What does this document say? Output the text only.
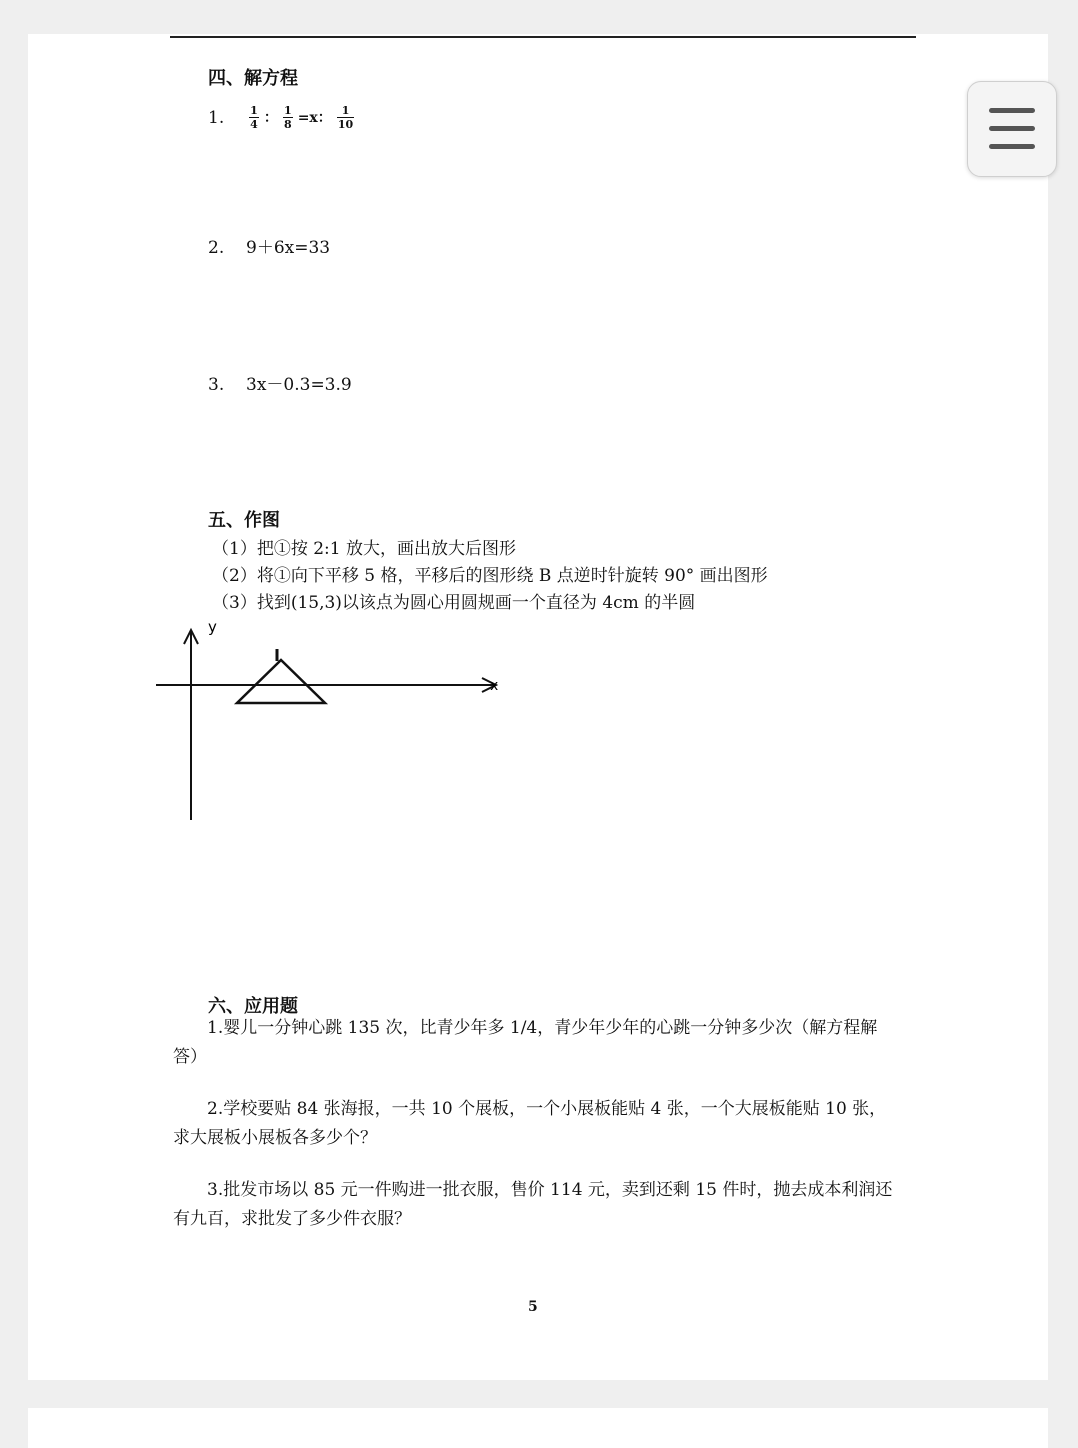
四、解方程
1. $\frac{1}{4}$ ： $\frac{1}{8} =x$： $\frac{1}{10}$
2. 9＋6x=33
3. 3x－0.3=3.9
五、作图
（1）把①按 2:1 放大，画出放大后图形
（2）将①向下平移 5 格，平移后的图形绕 B 点逆时针旋转 90° 画出图形
（3）找到(15,3)以该点为圆心用圆规画一个直径为 4cm 的半圆
y
x
六、应用题
1.婴儿一分钟心跳 135 次，比青少年多 1/4，青少年少年的心跳一分钟多少次（解方程解答）
2.学校要贴 84 张海报，一共 10 个展板，一个小展板能贴 4 张，一个大展板能贴 10 张，求大展板小展板各多少个？
3.批发市场以 85 元一件购进一批衣服，售价 114 元，卖到还剩 15 件时，抛去成本利润还有九百，求批发了多少件衣服？
5
